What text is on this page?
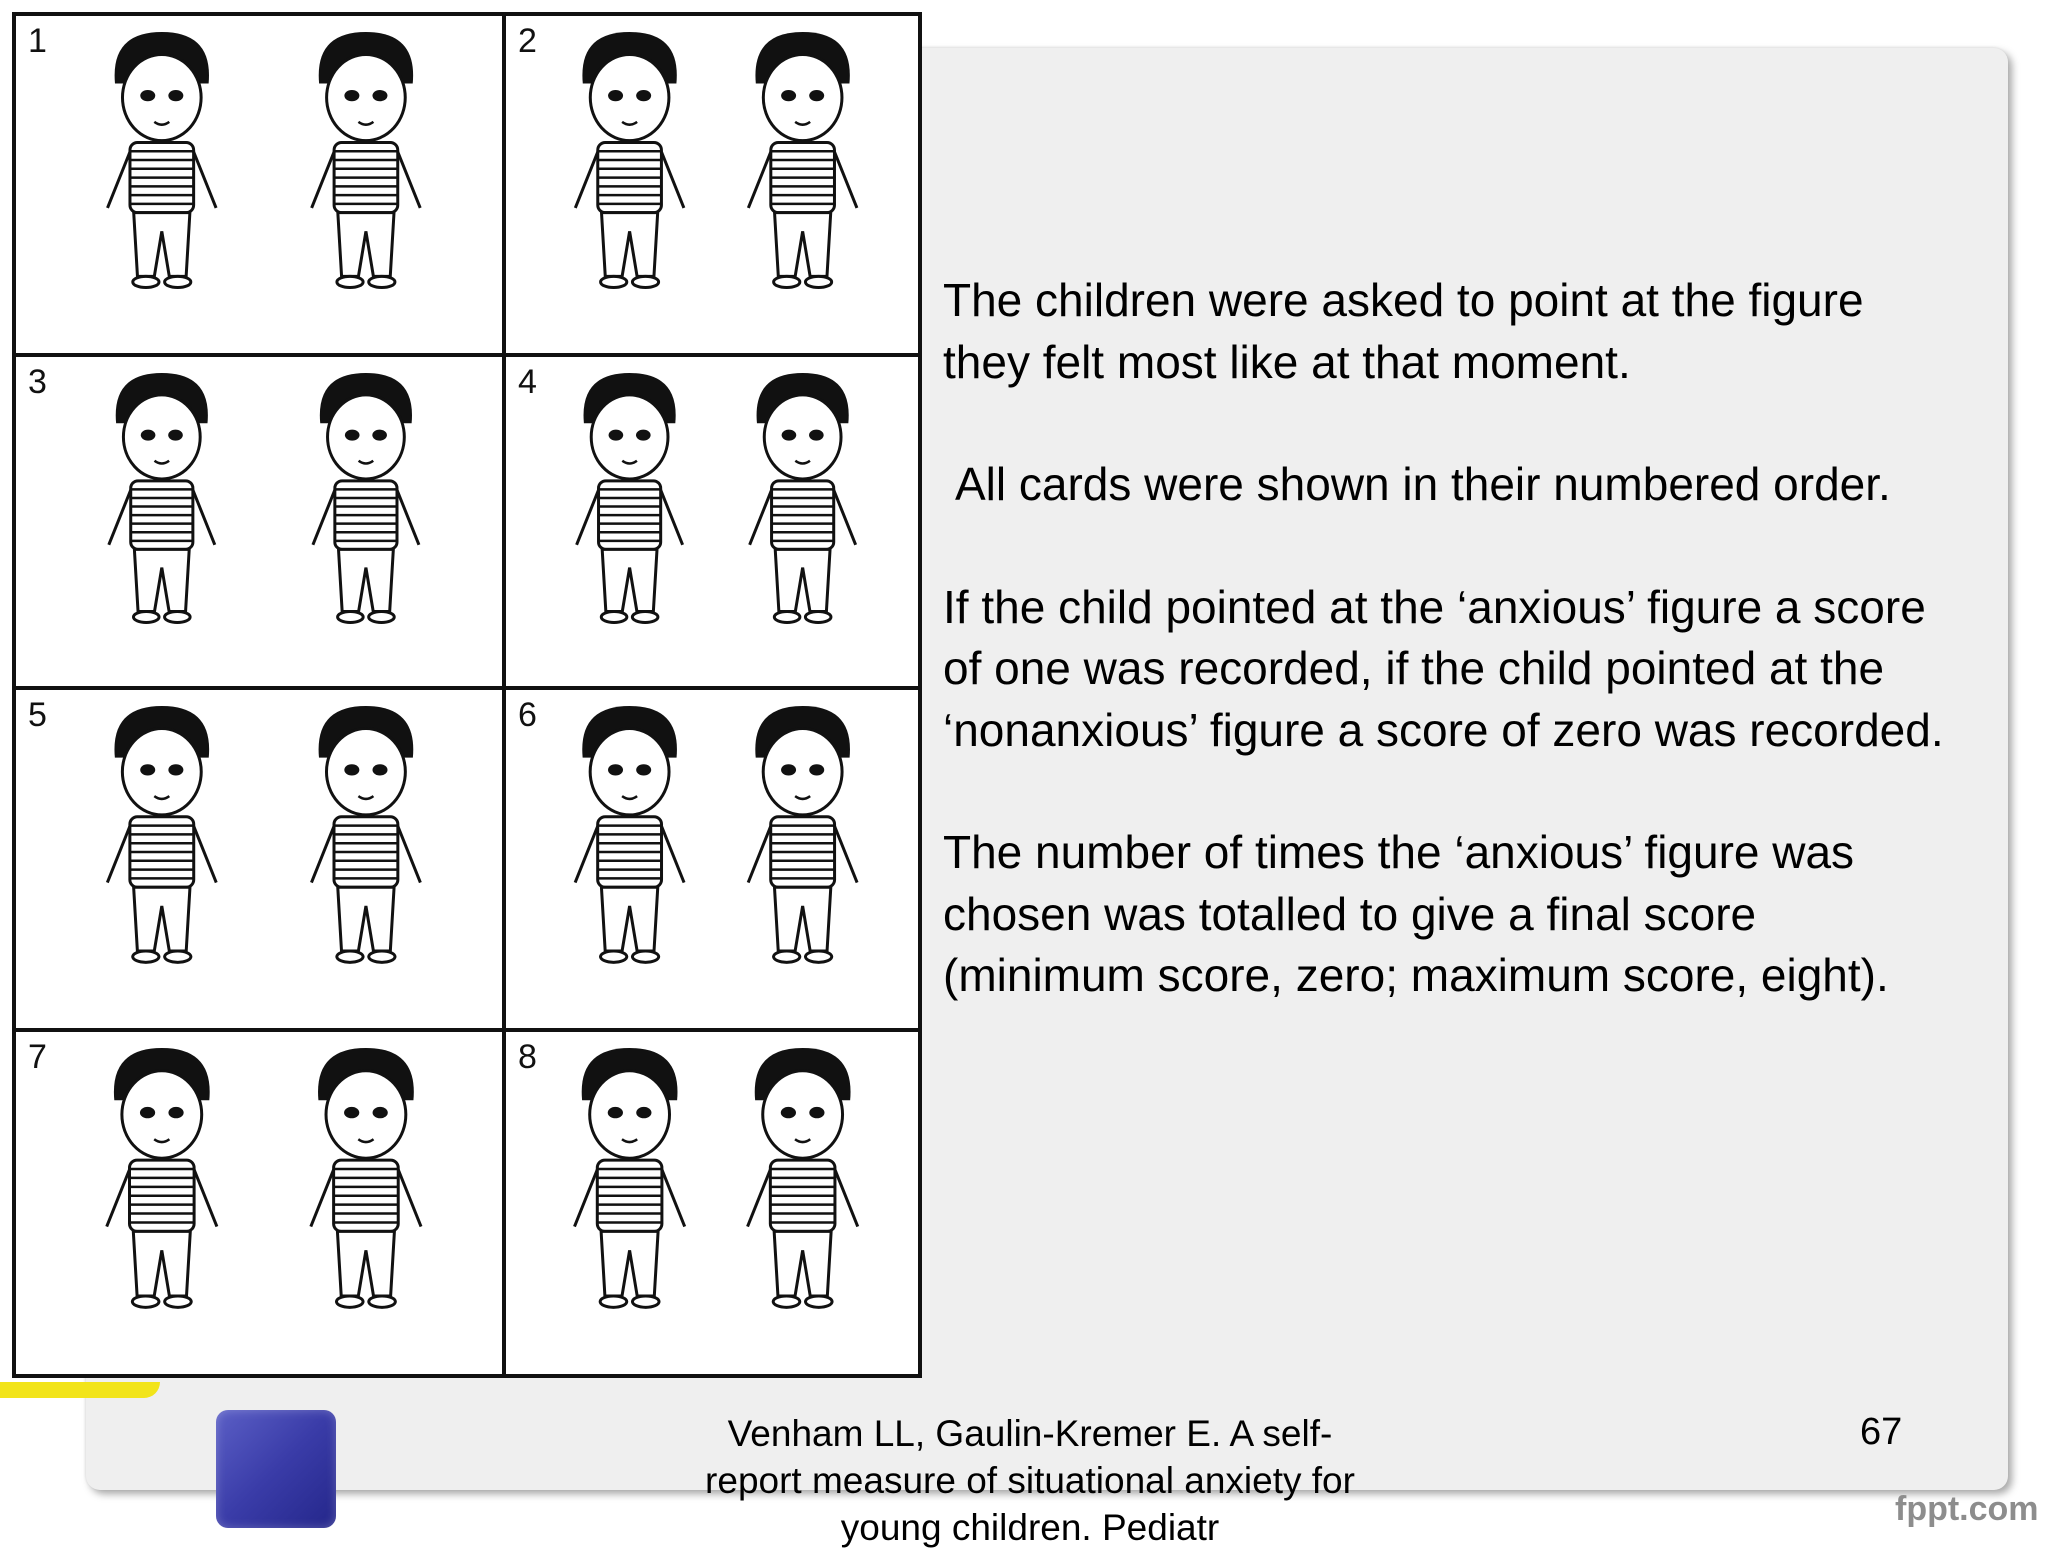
1	2
3	4
5	6
7	8

The children were asked to point at the figure they felt most like at that moment.

All cards were shown in their numbered order.

If the child pointed at the ‘anxious’ figure a score of one was recorded, if the child pointed at the ‘nonanxious’ figure a score of zero was recorded.

The number of times the ‘anxious’ figure was chosen was totalled to give a final score (minimum score, zero; maximum score, eight).

Venham LL, Gaulin-Kremer E. A self-report measure of situational anxiety for young children. Pediatr
67
fppt.com
